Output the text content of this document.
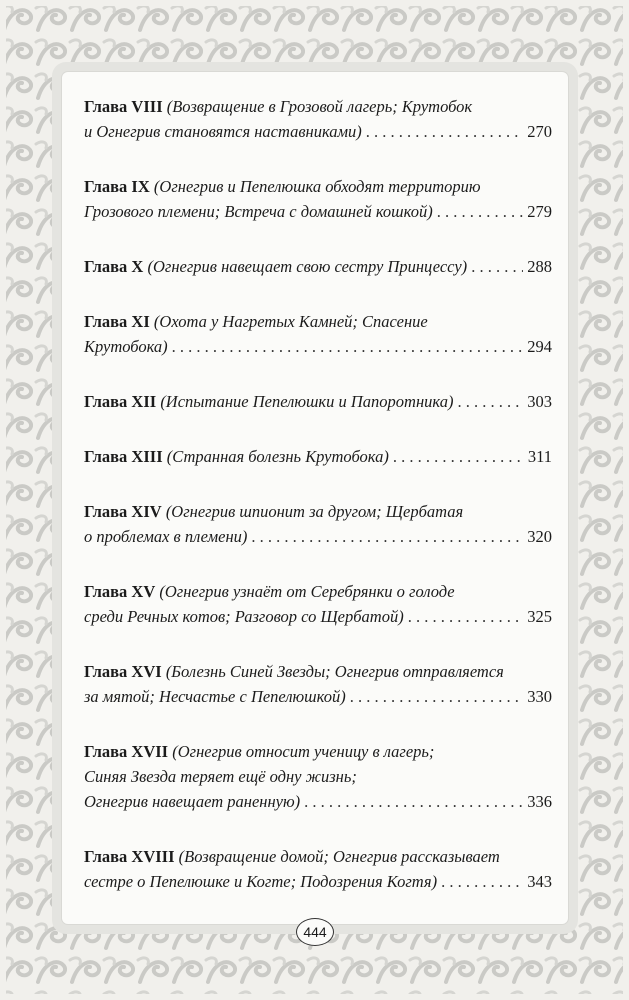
Глава VIII (Возвращение в Грозовой лагерь; Крутобок
и Огнегрив становятся наставниками) . . .	270
Глава IX (Огнегрив и Пепелюшка обходят территорию
Грозового племени; Встреча с домашней кошкой) . . .	279
Глава X (Огнегрив навещает свою сестру Принцессу) . . .	288
Глава XI (Охота у Нагретых Камней; Спасение
Крутобока) . . .	294
Глава XII (Испытание Пепелюшки и Папоротника) . . .	303
Глава XIII (Странная болезнь Крутобока) . . .	311
Глава XIV (Огнегрив шпионит за другом; Щербатая
о проблемах в племени) . . .	320
Глава XV (Огнегрив узнаёт от Серебрянки о голоде
среди Речных котов; Разговор со Щербатой) . . .	325
Глава XVI (Болезнь Синей Звезды; Огнегрив отправляется
за мятой; Несчастье с Пепелюшкой) . . .	330
Глава XVII (Огнегрив относит ученицу в лагерь;
Синяя Звезда теряет ещё одну жизнь;
Огнегрив навещает раненную) . . .	336
Глава XVIII (Возвращение домой; Огнегрив рассказывает
сестре о Пепелюшке и Когте; Подозрения Когтя) . . .	343
444
